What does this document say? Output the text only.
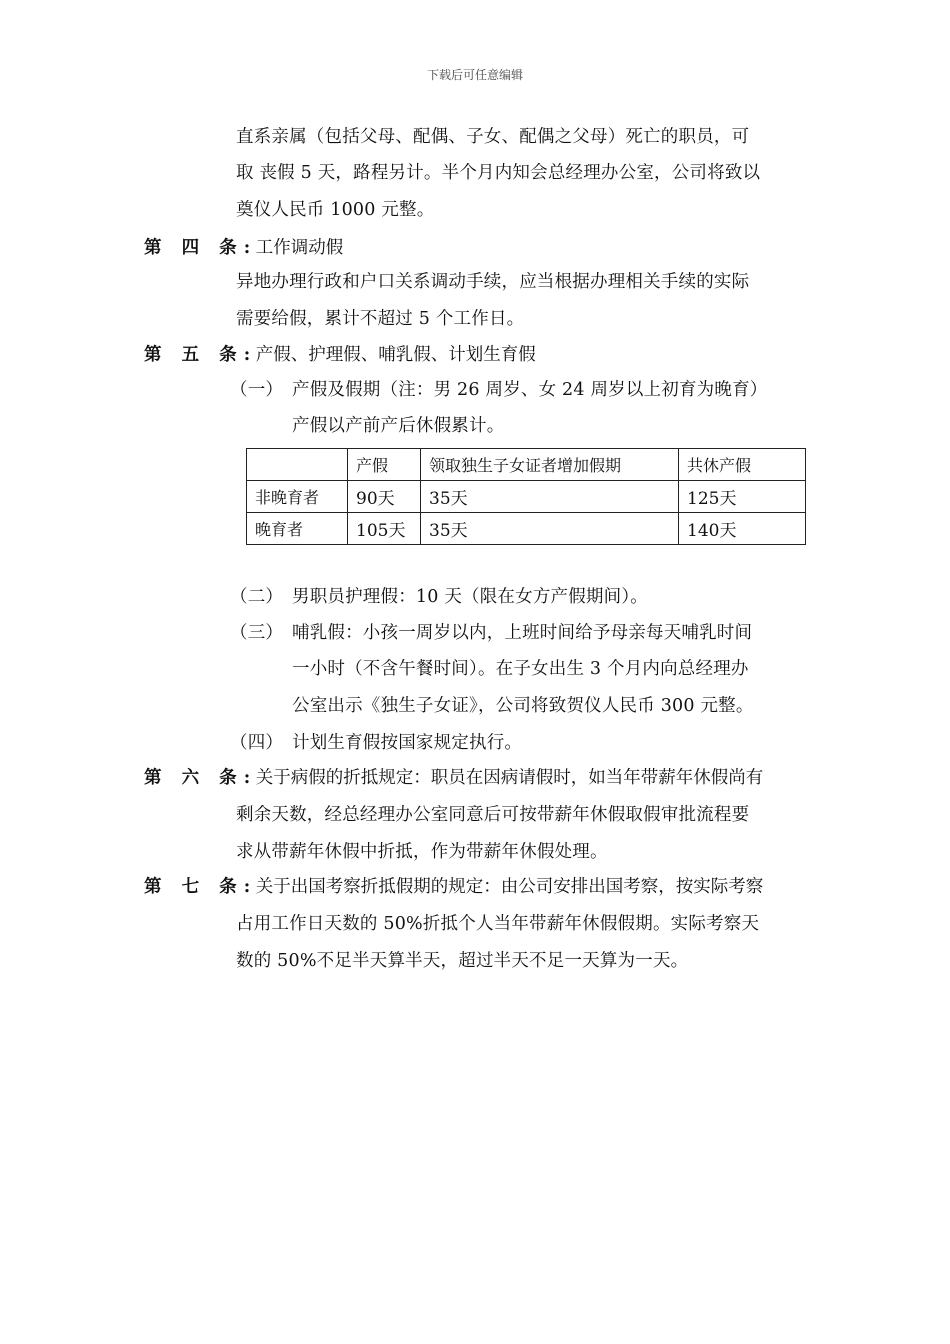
下载后可任意编辑
直系亲属（包括父母、配偶、子女、配偶之父母）死亡的职员，可
取 丧假 5 天，路程另计。半个月内知会总经理办公室，公司将致以
奠仪人民币 1000 元整。
第 四 条: 工作调动假
异地办理行政和户口关系调动手续，应当根据办理相关手续的实际
需要给假，累计不超过 5 个工作日。
第 五 条: 产假、护理假、哺乳假、计划生育假
（一） 产假及假期（注：男 26 周岁、女 24 周岁以上初育为晚育）
产假以产前产后休假累计。
	产假	领取独生子女证者增加假期	共休产假
非晚育者	90天	35天	125天
晚育者	105天	35天	140天
（二） 男职员护理假：10 天（限在女方产假期间）。
（三） 哺乳假：小孩一周岁以内，上班时间给予母亲每天哺乳时间
一小时（不含午餐时间）。在子女出生 3 个月内向总经理办
公室出示《独生子女证》，公司将致贺仪人民币 300 元整。
（四） 计划生育假按国家规定执行。
第 六 条: 关于病假的折抵规定：职员在因病请假时，如当年带薪年休假尚有
剩余天数，经总经理办公室同意后可按带薪年休假取假审批流程要
求从带薪年休假中折抵，作为带薪年休假处理。
第 七 条: 关于出国考察折抵假期的规定：由公司安排出国考察，按实际考察
占用工作日天数的 50%折抵个人当年带薪年休假假期。实际考察天
数的 50%不足半天算半天，超过半天不足一天算为一天。
